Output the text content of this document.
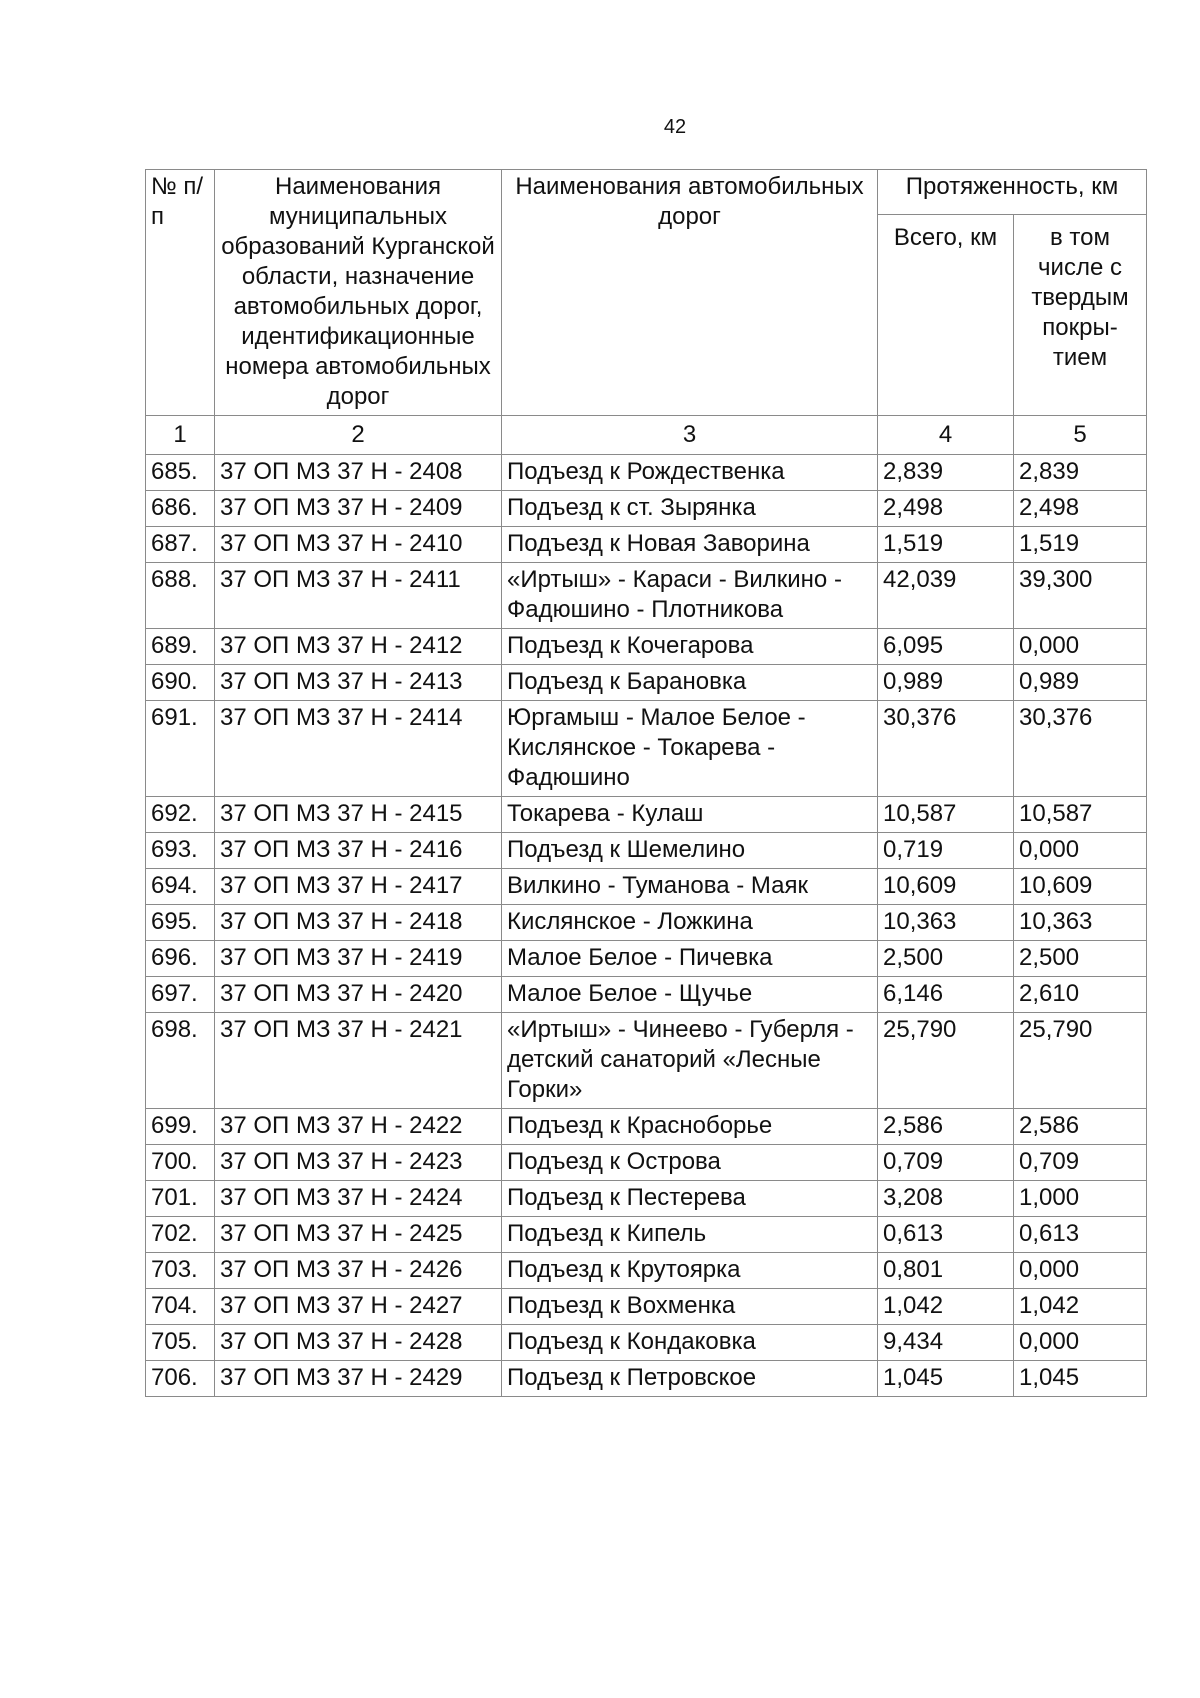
42
№ п/п	Наименования муниципальных образований Курганской области, назначение автомобильных дорог, идентификационные номера автомобильных дорог	Наименования автомобильных дорог	Протяженность, км	
			Всего, км	в том числе с твердым покры-тием
1	2	3	4	5
685.	37 ОП МЗ 37 Н - 2408	Подъезд к Рождественка	2,839	2,839
686.	37 ОП МЗ 37 Н - 2409	Подъезд к ст. Зырянка	2,498	2,498
687.	37 ОП МЗ 37 Н - 2410	Подъезд к Новая Заворина	1,519	1,519
688.	37 ОП МЗ 37 Н - 2411	«Иртыш» - Караси - Вилкино - Фадюшино - Плотникова	42,039	39,300
689.	37 ОП МЗ 37 Н - 2412	Подъезд к Кочегарова	6,095	0,000
690.	37 ОП МЗ 37 Н - 2413	Подъезд к Барановка	0,989	0,989
691.	37 ОП МЗ 37 Н - 2414	Юргамыш - Малое Белое - Кислянское - Токарева - Фадюшино	30,376	30,376
692.	37 ОП МЗ 37 Н - 2415	Токарева - Кулаш	10,587	10,587
693.	37 ОП МЗ 37 Н - 2416	Подъезд к Шемелино	0,719	0,000
694.	37 ОП МЗ 37 Н - 2417	Вилкино - Туманова - Маяк	10,609	10,609
695.	37 ОП МЗ 37 Н - 2418	Кислянское - Ложкина	10,363	10,363
696.	37 ОП МЗ 37 Н - 2419	Малое Белое - Пичевка	2,500	2,500
697.	37 ОП МЗ 37 Н - 2420	Малое Белое - Щучье	6,146	2,610
698.	37 ОП МЗ 37 Н - 2421	«Иртыш» - Чинеево - Губерля - детский санаторий «Лесные Горки»	25,790	25,790
699.	37 ОП МЗ 37 Н - 2422	Подъезд к Красноборье	2,586	2,586
700.	37 ОП МЗ 37 Н - 2423	Подъезд к Острова	0,709	0,709
701.	37 ОП МЗ 37 Н - 2424	Подъезд к Пестерева	3,208	1,000
702.	37 ОП МЗ 37 Н - 2425	Подъезд к Кипель	0,613	0,613
703.	37 ОП МЗ 37 Н - 2426	Подъезд к Крутоярка	0,801	0,000
704.	37 ОП МЗ 37 Н - 2427	Подъезд к Вохменка	1,042	1,042
705.	37 ОП МЗ 37 Н - 2428	Подъезд к Кондаковка	9,434	0,000
706.	37 ОП МЗ 37 Н - 2429	Подъезд к Петровское	1,045	1,045
